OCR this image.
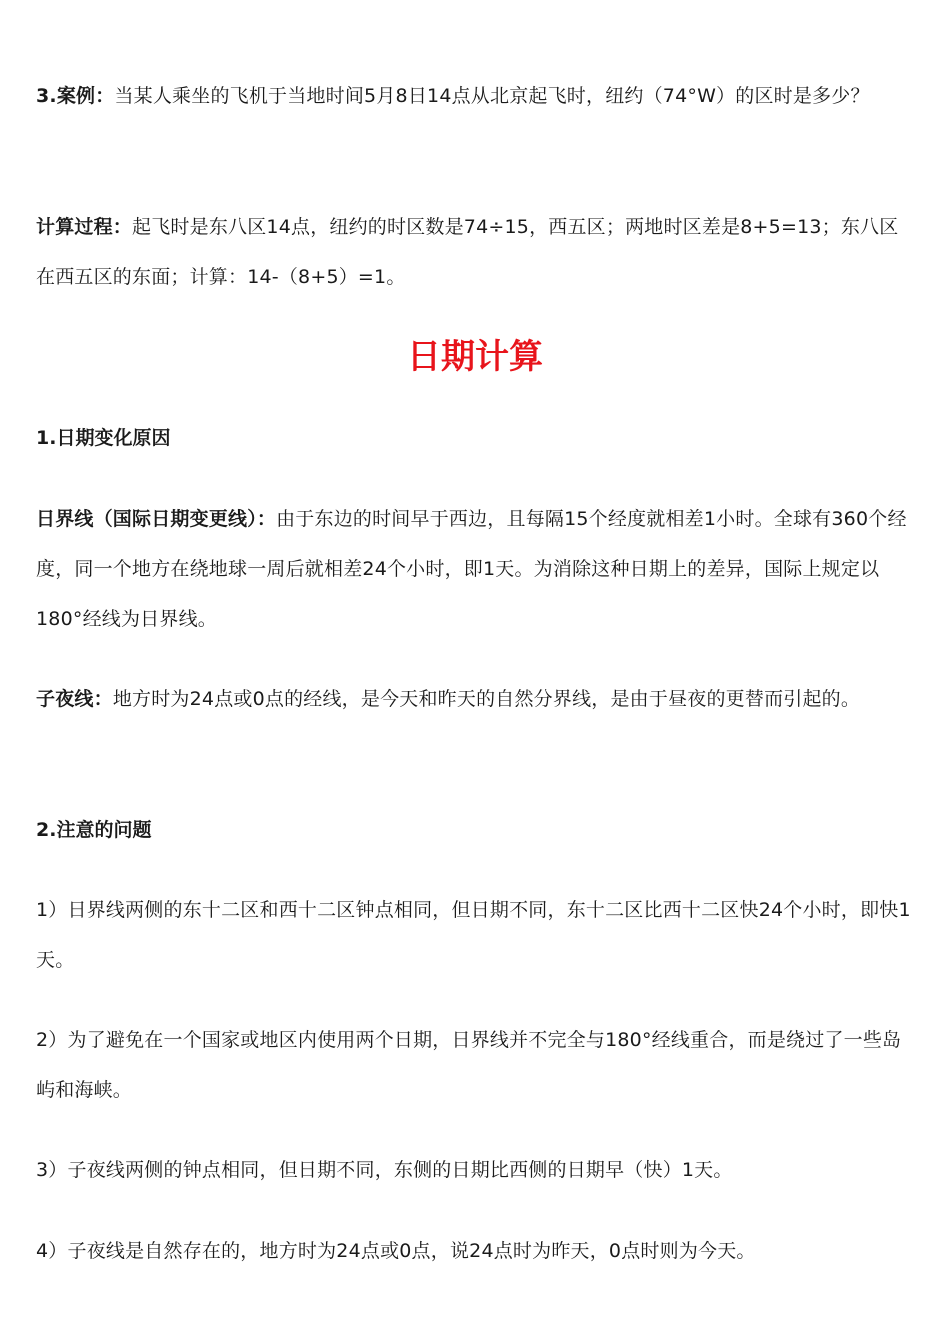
3.案例：当某人乘坐的飞机于当地时间5月8日14点从北京起飞时，纽约（74°W）的区时是多少？

计算过程：起飞时是东八区14点，纽约的时区数是74÷15，西五区；两地时区差是8+5=13；东八区在西五区的东面；计算：14-（8+5）=1。

日期计算
1.日期变化原因

日界线（国际日期变更线）：由于东边的时间早于西边，且每隔15个经度就相差1小时。全球有360个经度，同一个地方在绕地球一周后就相差24个小时，即1天。为消除这种日期上的差异，国际上规定以180°经线为日界线。

子夜线：地方时为24点或0点的经线，是今天和昨天的自然分界线，是由于昼夜的更替而引起的。

2.注意的问题

1）日界线两侧的东十二区和西十二区钟点相同，但日期不同，东十二区比西十二区快24个小时，即快1天。

2）为了避免在一个国家或地区内使用两个日期，日界线并不完全与180°经线重合，而是绕过了一些岛屿和海峡。

3）子夜线两侧的钟点相同，但日期不同，东侧的日期比西侧的日期早（快）1天。

4）子夜线是自然存在的，地方时为24点或0点，说24点时为昨天，0点时则为今天。
